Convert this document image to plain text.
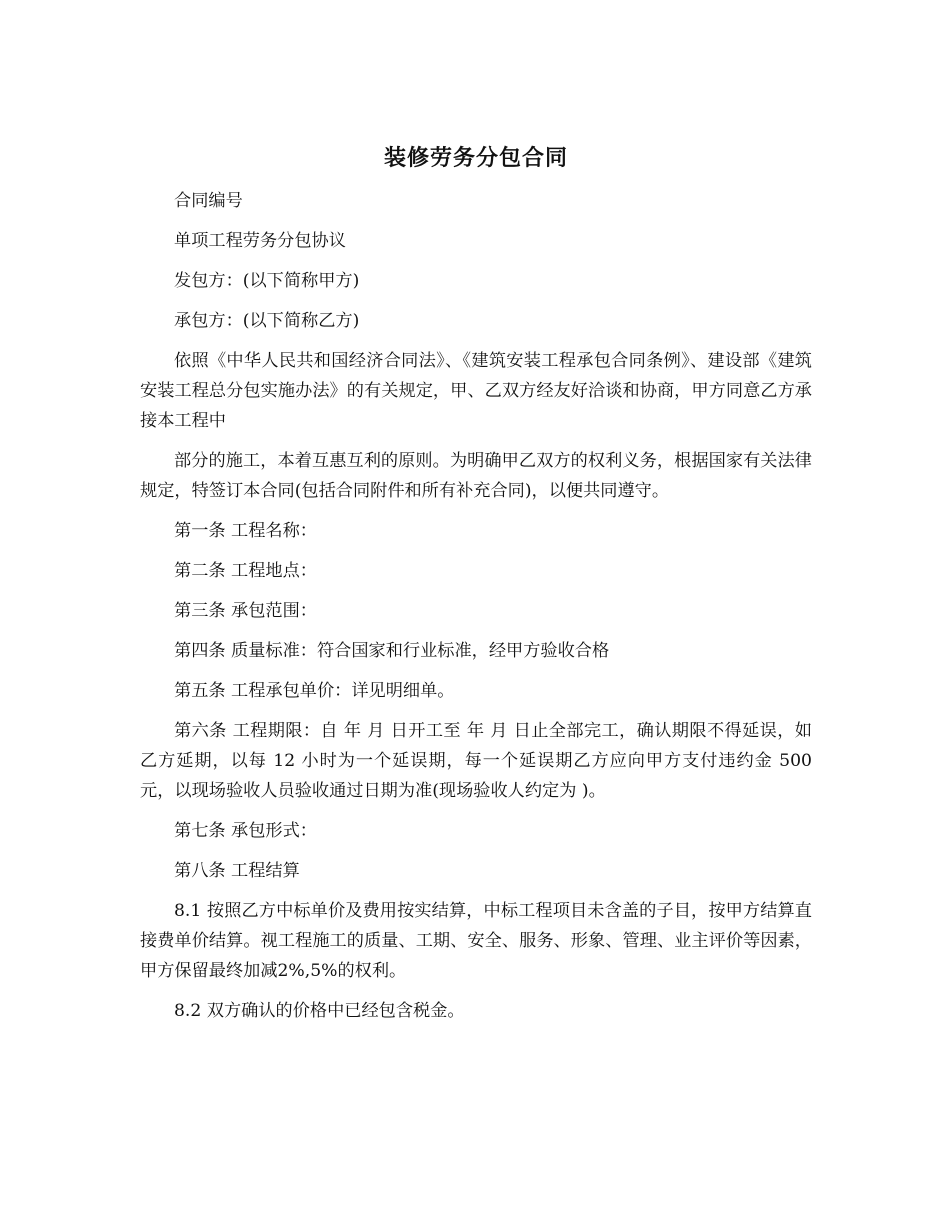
装修劳务分包合同

合同编号

单项工程劳务分包协议

发包方：(以下简称甲方)

承包方：(以下简称乙方)

依照《中华人民共和国经济合同法》、《建筑安装工程承包合同条例》、建设部《建筑安装工程总分包实施办法》的有关规定，甲、乙双方经友好洽谈和协商，甲方同意乙方承接本工程中

部分的施工，本着互惠互利的原则。为明确甲乙双方的权利义务，根据国家有关法律规定，特签订本合同(包括合同附件和所有补充合同)，以便共同遵守。

第一条 工程名称：

第二条 工程地点：

第三条 承包范围：

第四条 质量标准：符合国家和行业标准，经甲方验收合格

第五条 工程承包单价：详见明细单。

第六条 工程期限：自 年 月 日开工至 年 月 日止全部完工，确认期限不得延误，如乙方延期，以每 12 小时为一个延误期，每一个延误期乙方应向甲方支付违约金 500 元，以现场验收人员验收通过日期为准(现场验收人约定为 )。

第七条 承包形式：

第八条 工程结算

8.1 按照乙方中标单价及费用按实结算，中标工程项目未含盖的子目，按甲方结算直接费单价结算。视工程施工的质量、工期、安全、服务、形象、管理、业主评价等因素，甲方保留最终加减2%,5%的权利。

8.2 双方确认的价格中已经包含税金。
